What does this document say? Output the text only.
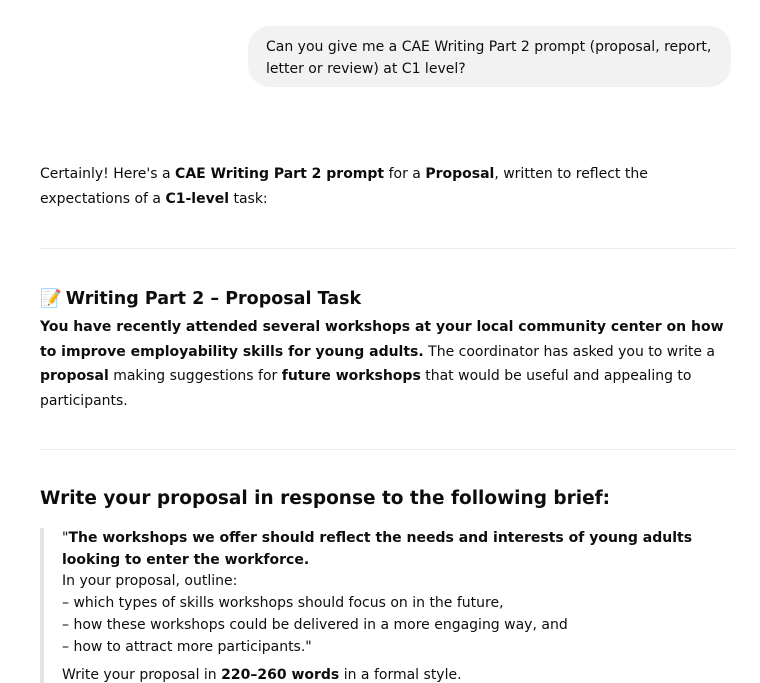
Can you give me a CAE Writing Part 2 prompt (proposal, report,
letter or review) at C1 level?

Certainly! Here's a CAE Writing Part 2 prompt for a Proposal, written to reflect the expectations of a C1-level task:

📝 Writing Part 2 – Proposal Task

You have recently attended several workshops at your local community center on how to improve employability skills for young adults. The coordinator has asked you to write a proposal making suggestions for future workshops that would be useful and appealing to participants.

Write your proposal in response to the following brief:
"The workshops we offer should reflect the needs and interests of young adults looking to enter the workforce.
In your proposal, outline:
– which types of skills workshops should focus on in the future,
– how these workshops could be delivered in a more engaging way, and
– how to attract more participants."
Write your proposal in 220–260 words in a formal style.
